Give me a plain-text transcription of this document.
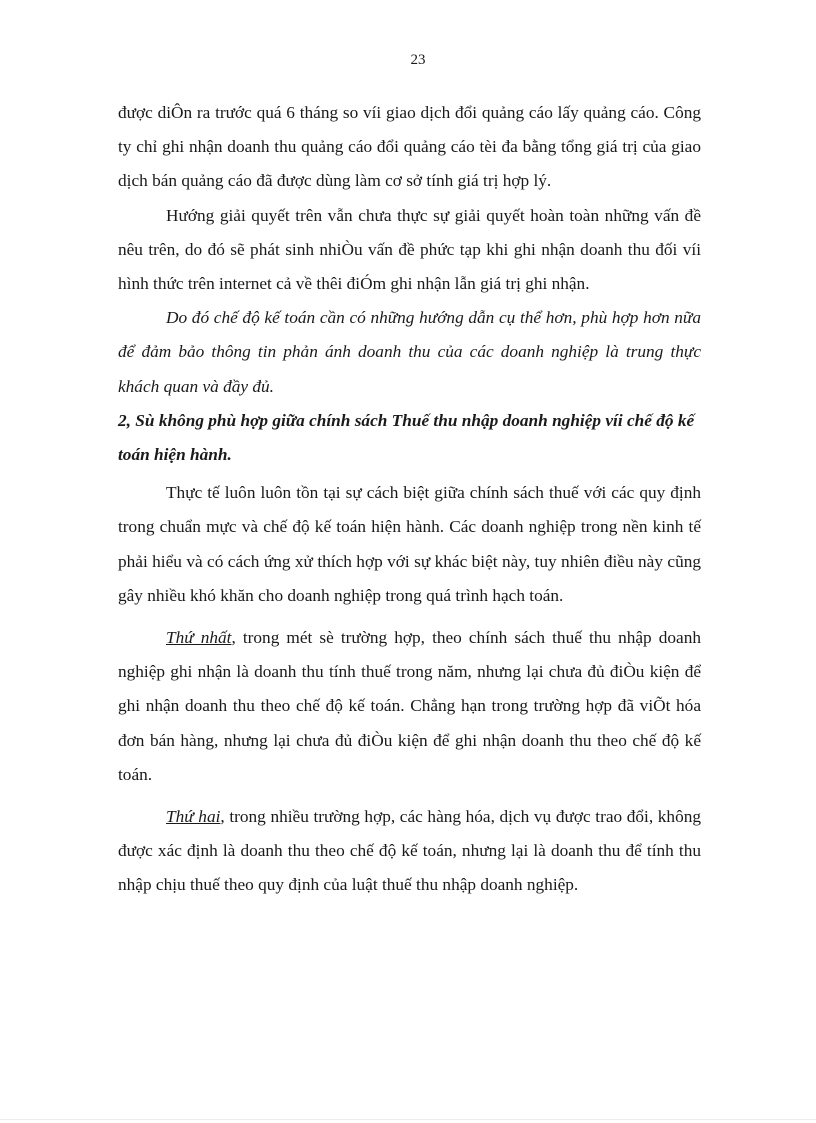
23

được diÔn ra trước quá 6 tháng so víi giao dịch đổi quảng cáo lấy quảng cáo. Công ty chỉ ghi nhận doanh thu quảng cáo đổi quảng cáo tèi đa bằng tổng giá trị của giao dịch bán quảng cáo đã được dùng làm cơ sở tính giá trị hợp lý.

Hướng giải quyết trên vẫn chưa thực sự giải quyết hoàn toàn những vấn đề nêu trên, do đó sẽ phát sinh nhiÒu vấn đề phức tạp khi ghi nhận doanh thu đối víi hình thức trên internet cả về thêi điÓm ghi nhận lẫn giá trị ghi nhận.

Do đó chế độ kế toán cần có những hướng dẫn cụ thể hơn, phù hợp hơn nữa để đảm bảo thông tin phản ánh doanh thu của các doanh nghiệp là trung thực khách quan và đầy đủ.

2, Sù không phù hợp giữa chính sách Thuế thu nhập doanh nghiệp víi chế độ kế toán hiện hành.

Thực tế luôn luôn tồn tại sự cách biệt giữa chính sách thuế với các quy định trong chuẩn mực và chế độ kế toán hiện hành. Các doanh nghiệp trong nền kinh tế phải hiểu và có cách ứng xử thích hợp với sự khác biệt này, tuy nhiên điều này cũng gây nhiều khó khăn cho doanh nghiệp trong quá trình hạch toán.

Thứ nhất, trong mét sè trường hợp, theo chính sách thuế thu nhập doanh nghiệp ghi nhận là doanh thu tính thuế trong năm, nhưng lại chưa đủ điÒu kiện để ghi nhận doanh thu theo chế độ kế toán. Chẳng hạn trong trường hợp đã viÕt hóa đơn bán hàng, nhưng lại chưa đủ điÒu kiện để ghi nhận doanh thu theo chế độ kế toán.

Thứ hai, trong nhiều trường hợp, các hàng hóa, dịch vụ được trao đổi, không được xác định là doanh thu theo chế độ kế toán, nhưng lại là doanh thu để tính thu nhập chịu thuế theo quy định của luật thuế thu nhập doanh nghiệp.
